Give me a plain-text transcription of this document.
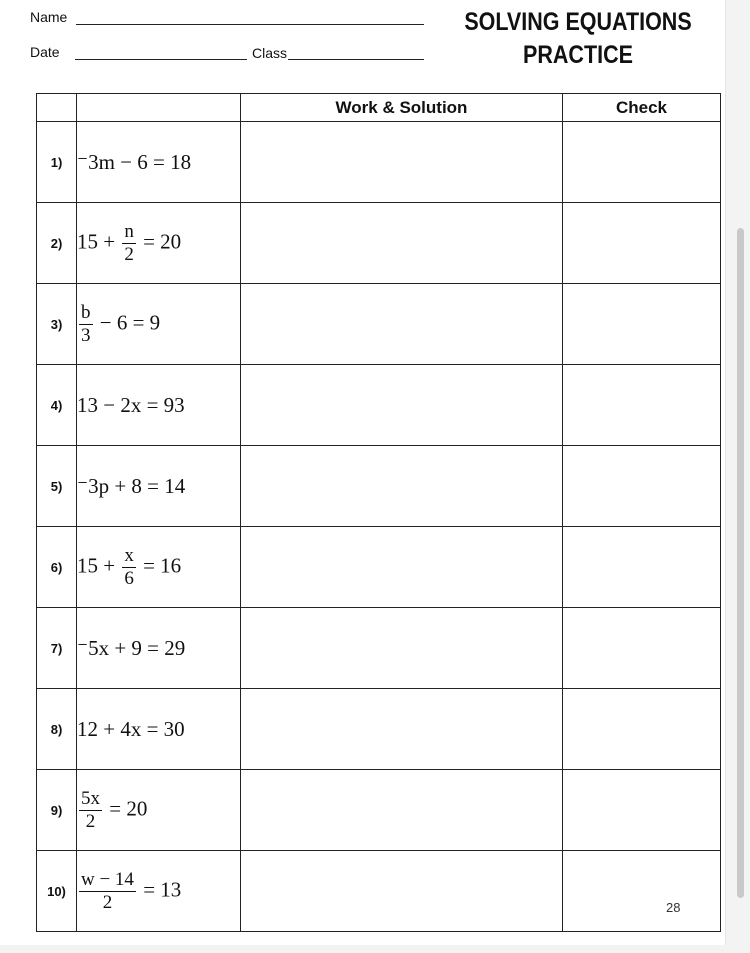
Name
Date	Class
SOLVING EQUATIONS
PRACTICE
		Work & Solution	Check
1)	⁻3m − 6 = 18		
2)	$15 + \frac{n}{2} = 20$		
3)	$\frac{b}{3} - 6 = 9$		
4)	13 − 2x = 93		
5)	⁻3p + 8 = 14		
6)	$15 + \frac{x}{6} = 16$		
7)	⁻5x + 9 = 29		
8)	12 + 4x = 30		
9)	$\frac{5x}{2} = 20$		
10)	$\frac{w - 14}{2} = 13$		
28
